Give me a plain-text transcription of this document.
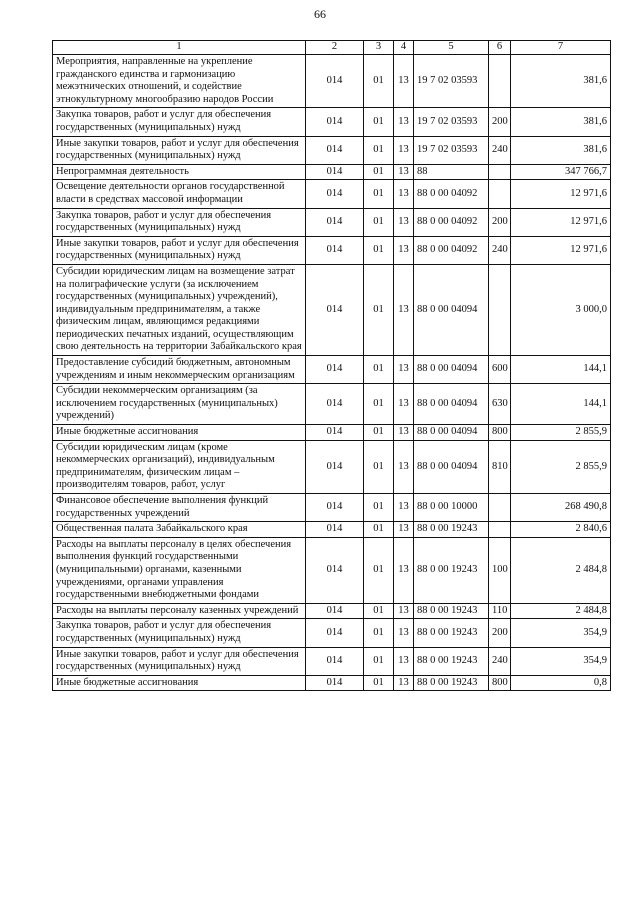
66
1	2	3	4	5	6	7
Мероприятия, направленные на укрепление гражданского единства и гармонизацию межэтнических отношений, и содействие этнокультурному многообразию народов России	014	01	13	19 7 02 03593		381,6
Закупка товаров, работ и услуг для обеспечения государственных (муниципальных) нужд	014	01	13	19 7 02 03593	200	381,6
Иные закупки товаров, работ и услуг для обеспечения государственных (муниципальных) нужд	014	01	13	19 7 02 03593	240	381,6
Непрограммная деятельность	014	01	13	88		347 766,7
Освещение деятельности органов государственной власти в средствах массовой информации	014	01	13	88 0 00 04092		12 971,6
Закупка товаров, работ и услуг для обеспечения государственных (муниципальных) нужд	014	01	13	88 0 00 04092	200	12 971,6
Иные закупки товаров, работ и услуг для обеспечения государственных (муниципальных) нужд	014	01	13	88 0 00 04092	240	12 971,6
Субсидии юридическим лицам на возмещение затрат на полиграфические услуги (за исключением государственных (муниципальных) учреждений), индивидуальным предпринимателям, а также физическим лицам, являющимся редакциями периодических печатных изданий, осуществляющим свою деятельность на территории Забайкальского края	014	01	13	88 0 00 04094		3 000,0
Предоставление субсидий бюджетным, автономным учреждениям и иным некоммерческим организациям	014	01	13	88 0 00 04094	600	144,1
Субсидии некоммерческим организациям (за исключением государственных (муниципальных) учреждений)	014	01	13	88 0 00 04094	630	144,1
Иные бюджетные ассигнования	014	01	13	88 0 00 04094	800	2 855,9
Субсидии юридическим лицам (кроме некоммерческих организаций), индивидуальным предпринимателям, физическим лицам – производителям товаров, работ, услуг	014	01	13	88 0 00 04094	810	2 855,9
Финансовое обеспечение выполнения функций государственных учреждений	014	01	13	88 0 00 10000		268 490,8
Общественная палата Забайкальского края	014	01	13	88 0 00 19243		2 840,6
Расходы на выплаты персоналу в целях обеспечения выполнения функций государственными (муниципальными) органами, казенными учреждениями, органами управления государственными внебюджетными фондами	014	01	13	88 0 00 19243	100	2 484,8
Расходы на выплаты персоналу казенных учреждений	014	01	13	88 0 00 19243	110	2 484,8
Закупка товаров, работ и услуг для обеспечения государственных (муниципальных) нужд	014	01	13	88 0 00 19243	200	354,9
Иные закупки товаров, работ и услуг для обеспечения государственных (муниципальных) нужд	014	01	13	88 0 00 19243	240	354,9
Иные бюджетные ассигнования	014	01	13	88 0 00 19243	800	0,8
